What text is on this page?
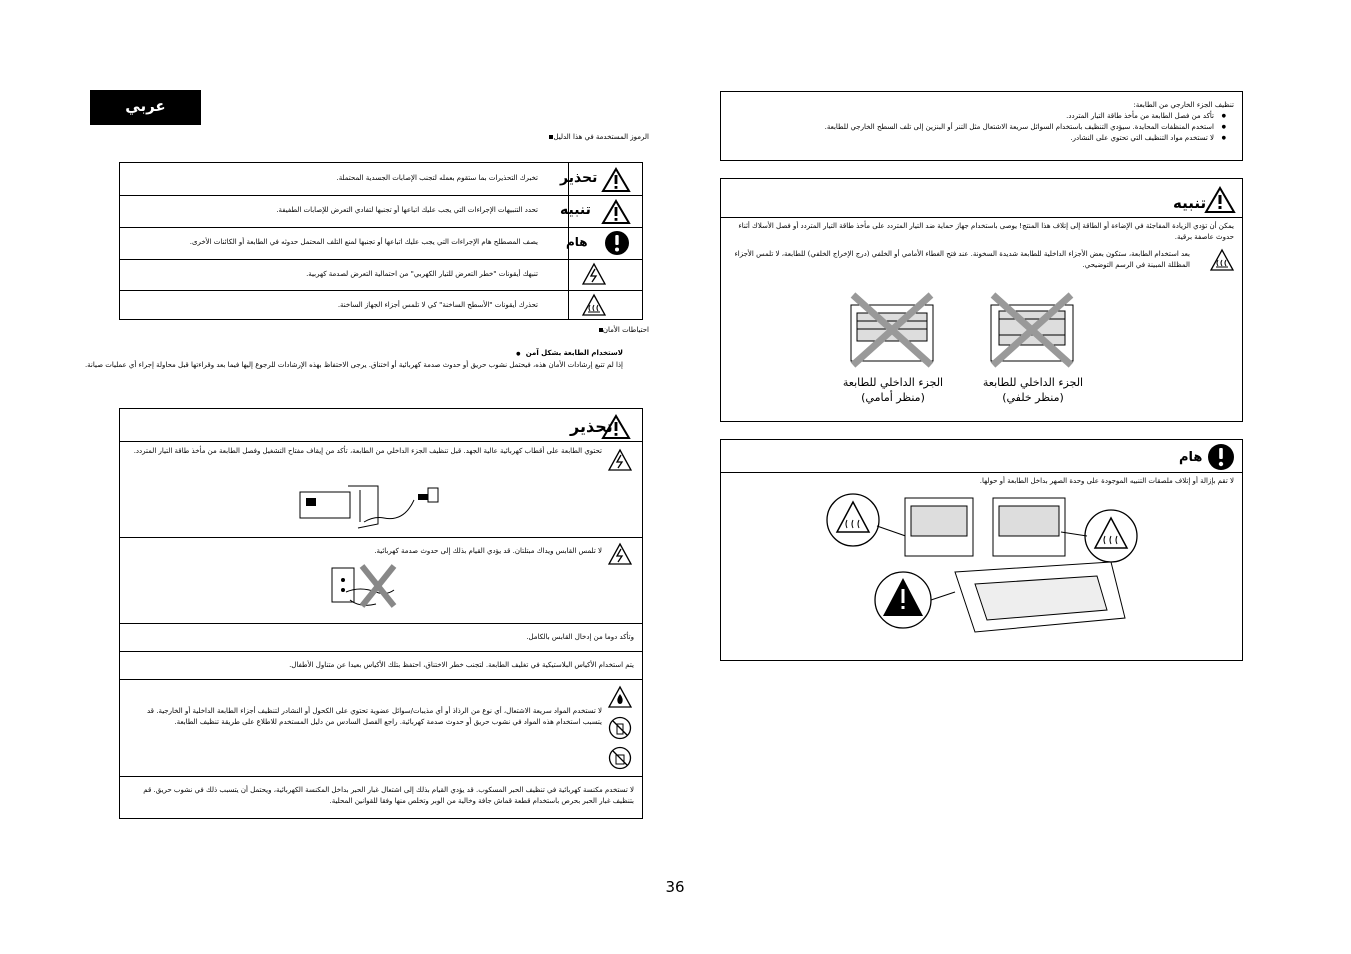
عربي
الرموز المستخدمة في هذا الدليل
تحذير
تخبرك التحذيرات بما ستقوم بعمله لتجنب الإصابات الجسدية المحتملة.
تنبيه
تحدد التنبيهات الإجراءات التي يجب عليك اتباعها أو تجنبها لتفادي التعرض للإصابات الطفيفة.
هام
يصف المصطلح هام الإجراءات التي يجب عليك اتباعها أو تجنبها لمنع التلف المحتمل حدوثه في الطابعة أو الكائنات الأخرى.
تنبهك أيقونات "خطر التعرض للتيار الكهربي" من احتمالية التعرض لصدمة كهربية.
تحذرك أيقونات "الأسطح الساخنة" كي لا تلمس أجزاء الجهاز الساخنة.
احتياطات الأمان
لاستخدام الطابعة بشكل آمن ●
إذا لم تتبع إرشادات الأمان هذه، فيحتمل نشوب حريق أو حدوث صدمة كهربائية أو اختناق. يرجى الاحتفاظ بهذه الإرشادات للرجوع إليها فيما بعد وقراءتها قبل محاولة إجراء أي عمليات صيانة.
تحذير
تحتوي الطابعة على أقطاب كهربائية عالية الجهد. قبل تنظيف الجزء الداخلي من الطابعة، تأكد من إيقاف مفتاح التشغيل وفصل الطابعة من مأخذ طاقة التيار المتردد.
لا تلمس القابس ويداك مبتلتان. قد يؤدي القيام بذلك إلى حدوث صدمة كهربائية.
وتأكد دوما من إدخال القابس بالكامل.
يتم استخدام الأكياس البلاستيكية في تغليف الطابعة. لتجنب خطر الاختناق، احتفظ بتلك الأكياس بعيدا عن متناول الأطفال.
لا تستخدم المواد سريعة الاشتعال، أي نوع من الرذاذ أو أي مذيبات/سوائل عضوية تحتوي على الكحول أو النشادر لتنظيف أجزاء الطابعة الداخلية أو الخارجية. قد يتسبب استخدام هذه المواد في نشوب حريق أو حدوث صدمة كهربائية. راجع الفصل السادس من دليل المستخدم للاطلاع على طريقة تنظيف الطابعة.
لا تستخدم مكنسة كهربائية في تنظيف الحبر المسكوب. قد يؤدي القيام بذلك إلى اشتعال غبار الحبر بداخل المكنسة الكهربائية، ويحتمل أن يتسبب ذلك في نشوب حريق. قم بتنظيف غبار الحبر بحرص باستخدام قطعة قماش جافة وخالية من الوبر وتخلص منها وفقا للقوانين المحلية.
36
تنظيف الجزء الخارجي من الطابعة:
● تأكد من فصل الطابعة من مأخذ طاقة التيار المتردد.
● استخدم المنظفات المحايدة. سيؤدي التنظيف باستخدام السوائل سريعة الاشتعال مثل التنر أو البنزين إلى تلف السطح الخارجي للطابعة.
● لا تستخدم مواد التنظيف التي تحتوي على النشادر.
تنبيه
يمكن أن تؤدي الزيادة المفاجئة في الإضاءة أو الطاقة إلى إتلاف هذا المنتج! يوصى باستخدام جهاز حماية ضد التيار المتردد على مأخذ طاقة التيار المتردد أو فصل الأسلاك أثناء حدوث عاصفة برقية.
بعد استخدام الطابعة، ستكون بعض الأجزاء الداخلية للطابعة شديدة السخونة. عند فتح الغطاء الأمامي أو الخلفي (درج الإخراج الخلفي) للطابعة، لا تلمس الأجزاء المظللة المبينة في الرسم التوضيحي.
الجزء الداخلي للطابعة
(منظر أمامي)
الجزء الداخلي للطابعة
(منظر خلفي)
هام
لا تقم بإزالة أو إتلاف ملصقات التنبيه الموجودة على وحدة الصهر بداخل الطابعة أو حولها.
